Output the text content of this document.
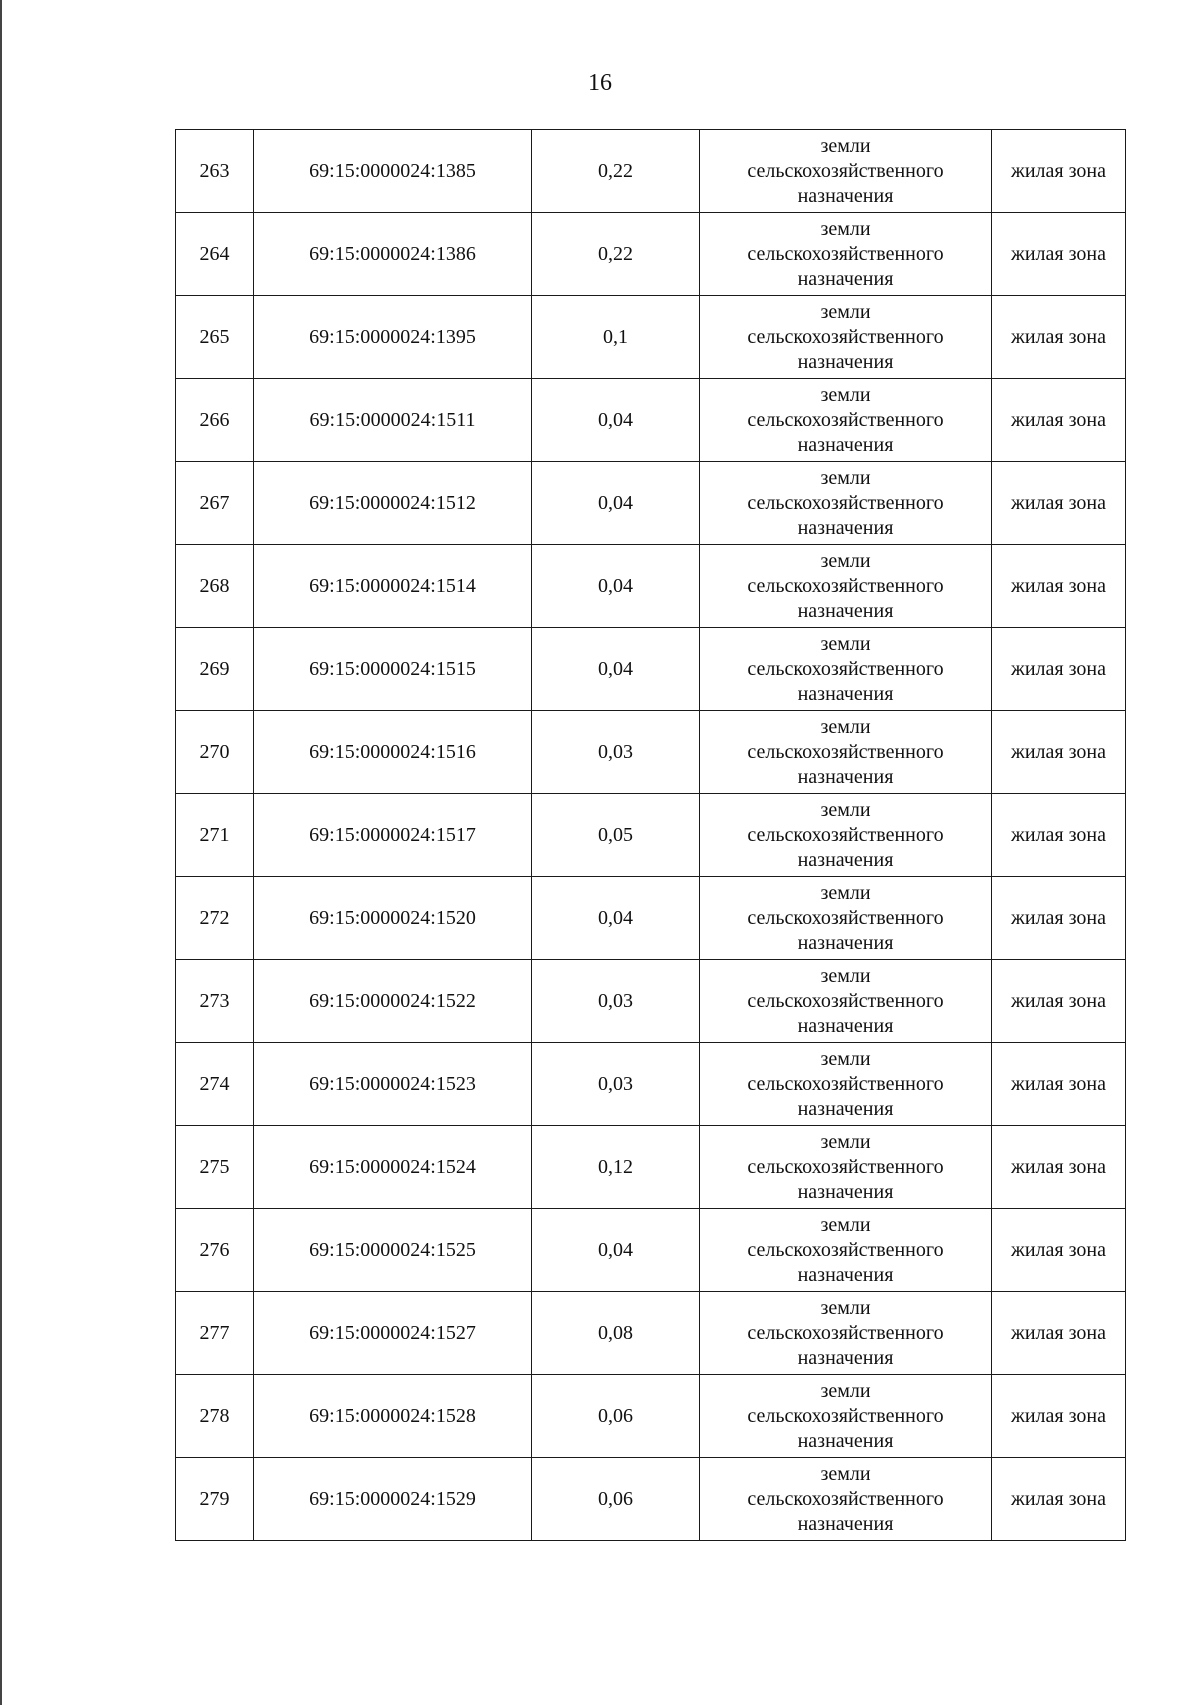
16
263	69:15:0000024:1385	0,22	земли
сельскохозяйственного
назначения	жилая зона
264	69:15:0000024:1386	0,22	земли
сельскохозяйственного
назначения	жилая зона
265	69:15:0000024:1395	0,1	земли
сельскохозяйственного
назначения	жилая зона
266	69:15:0000024:1511	0,04	земли
сельскохозяйственного
назначения	жилая зона
267	69:15:0000024:1512	0,04	земли
сельскохозяйственного
назначения	жилая зона
268	69:15:0000024:1514	0,04	земли
сельскохозяйственного
назначения	жилая зона
269	69:15:0000024:1515	0,04	земли
сельскохозяйственного
назначения	жилая зона
270	69:15:0000024:1516	0,03	земли
сельскохозяйственного
назначения	жилая зона
271	69:15:0000024:1517	0,05	земли
сельскохозяйственного
назначения	жилая зона
272	69:15:0000024:1520	0,04	земли
сельскохозяйственного
назначения	жилая зона
273	69:15:0000024:1522	0,03	земли
сельскохозяйственного
назначения	жилая зона
274	69:15:0000024:1523	0,03	земли
сельскохозяйственного
назначения	жилая зона
275	69:15:0000024:1524	0,12	земли
сельскохозяйственного
назначения	жилая зона
276	69:15:0000024:1525	0,04	земли
сельскохозяйственного
назначения	жилая зона
277	69:15:0000024:1527	0,08	земли
сельскохозяйственного
назначения	жилая зона
278	69:15:0000024:1528	0,06	земли
сельскохозяйственного
назначения	жилая зона
279	69:15:0000024:1529	0,06	земли
сельскохозяйственного
назначения	жилая зона
